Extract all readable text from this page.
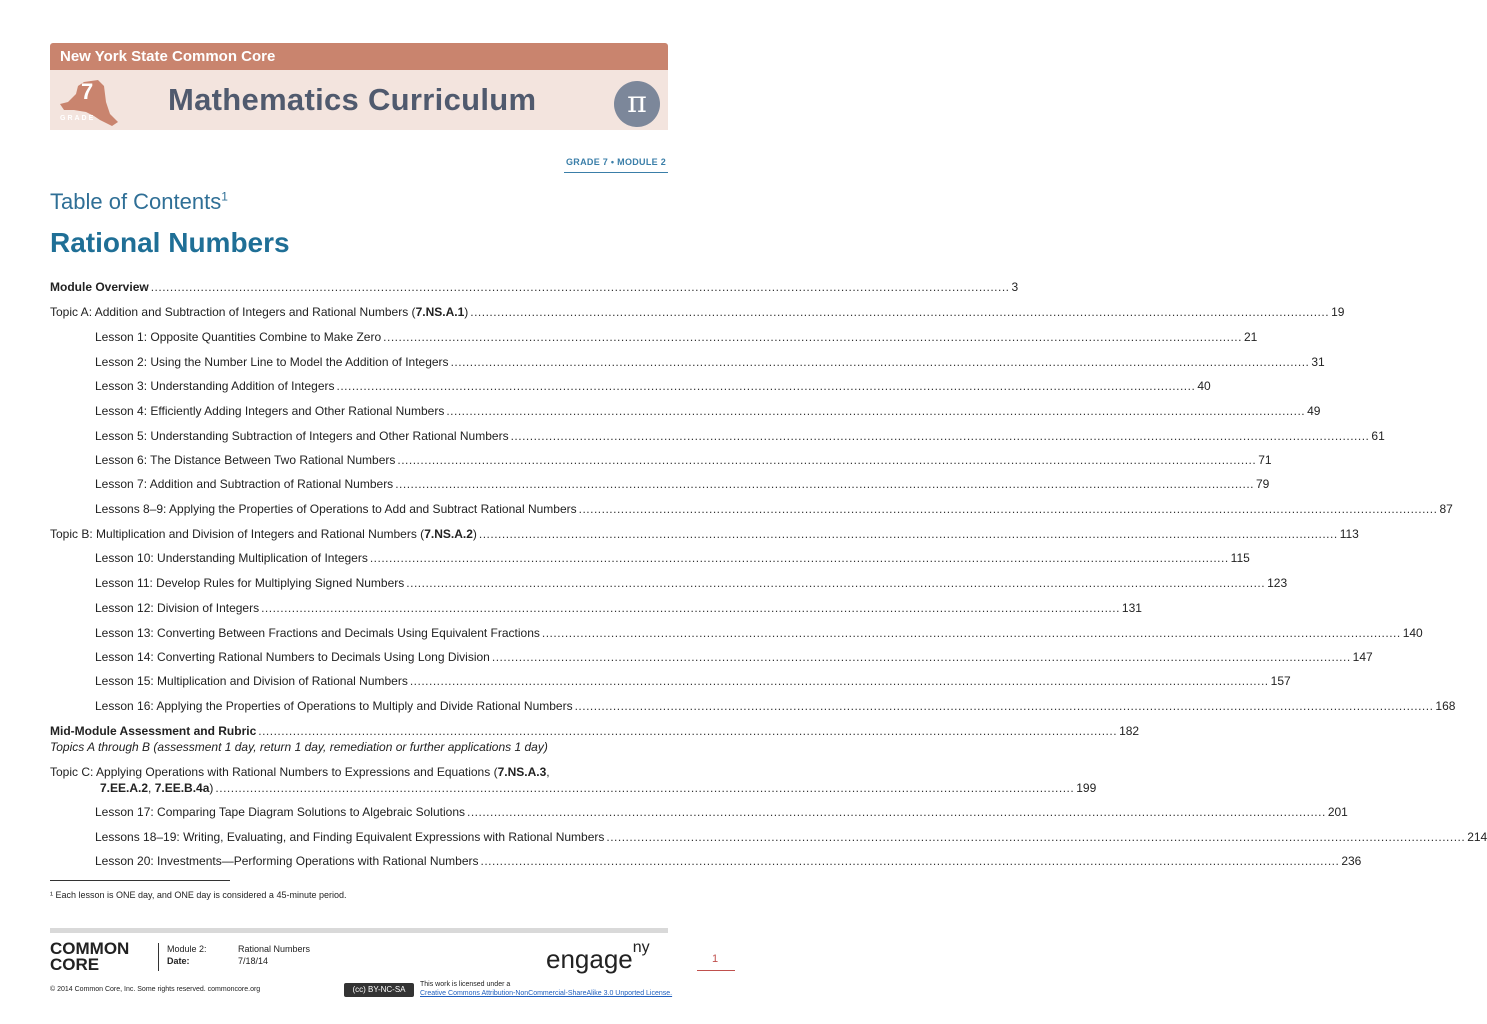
New York State Common Core
7
GRADE
Mathematics Curriculum	π
GRADE 7 • MODULE 2
Table of Contents$^1$
Rational Numbers
Module Overview .....	3
Topic A: Addition and Subtraction of Integers and Rational Numbers (7.NS.A.1) .....	19
Lesson 1: Opposite Quantities Combine to Make Zero .....	21
Lesson 2: Using the Number Line to Model the Addition of Integers .....	31
Lesson 3: Understanding Addition of Integers .....	40
Lesson 4: Efficiently Adding Integers and Other Rational Numbers .....	49
Lesson 5: Understanding Subtraction of Integers and Other Rational Numbers .....	61
Lesson 6: The Distance Between Two Rational Numbers .....	71
Lesson 7: Addition and Subtraction of Rational Numbers .....	79
Lessons 8–9: Applying the Properties of Operations to Add and Subtract Rational Numbers .....	87
Topic B: Multiplication and Division of Integers and Rational Numbers (7.NS.A.2) .....	113
Lesson 10: Understanding Multiplication of Integers .....	115
Lesson 11: Develop Rules for Multiplying Signed Numbers .....	123
Lesson 12: Division of Integers .....	131
Lesson 13: Converting Between Fractions and Decimals Using Equivalent Fractions .....	140
Lesson 14: Converting Rational Numbers to Decimals Using Long Division .....	147
Lesson 15: Multiplication and Division of Rational Numbers .....	157
Lesson 16: Applying the Properties of Operations to Multiply and Divide Rational Numbers .....	168
Mid-Module Assessment and Rubric .....	182
Topics A through B (assessment 1 day, return 1 day, remediation or further applications 1 day)
Topic C: Applying Operations with Rational Numbers to Expressions and Equations (7.NS.A.3,
7.EE.A.2, 7.EE.B.4a) .....	199
Lesson 17: Comparing Tape Diagram Solutions to Algebraic Solutions .....	201
Lessons 18–19: Writing, Evaluating, and Finding Equivalent Expressions with Rational Numbers .....	214
Lesson 20: Investments—Performing Operations with Rational Numbers .....	236
¹ Each lesson is ONE day, and ONE day is considered a 45-minute period.
COMMON
CORE
Module 2:	Rational Numbers
Date:	7/18/14
© 2014 Common Core, Inc. Some rights reserved. commoncore.org
engage$^{ny}$
1
(cc) BY-NC-SA
This work is licensed under a
Creative Commons Attribution-NonCommercial-ShareAlike 3.0 Unported License.
